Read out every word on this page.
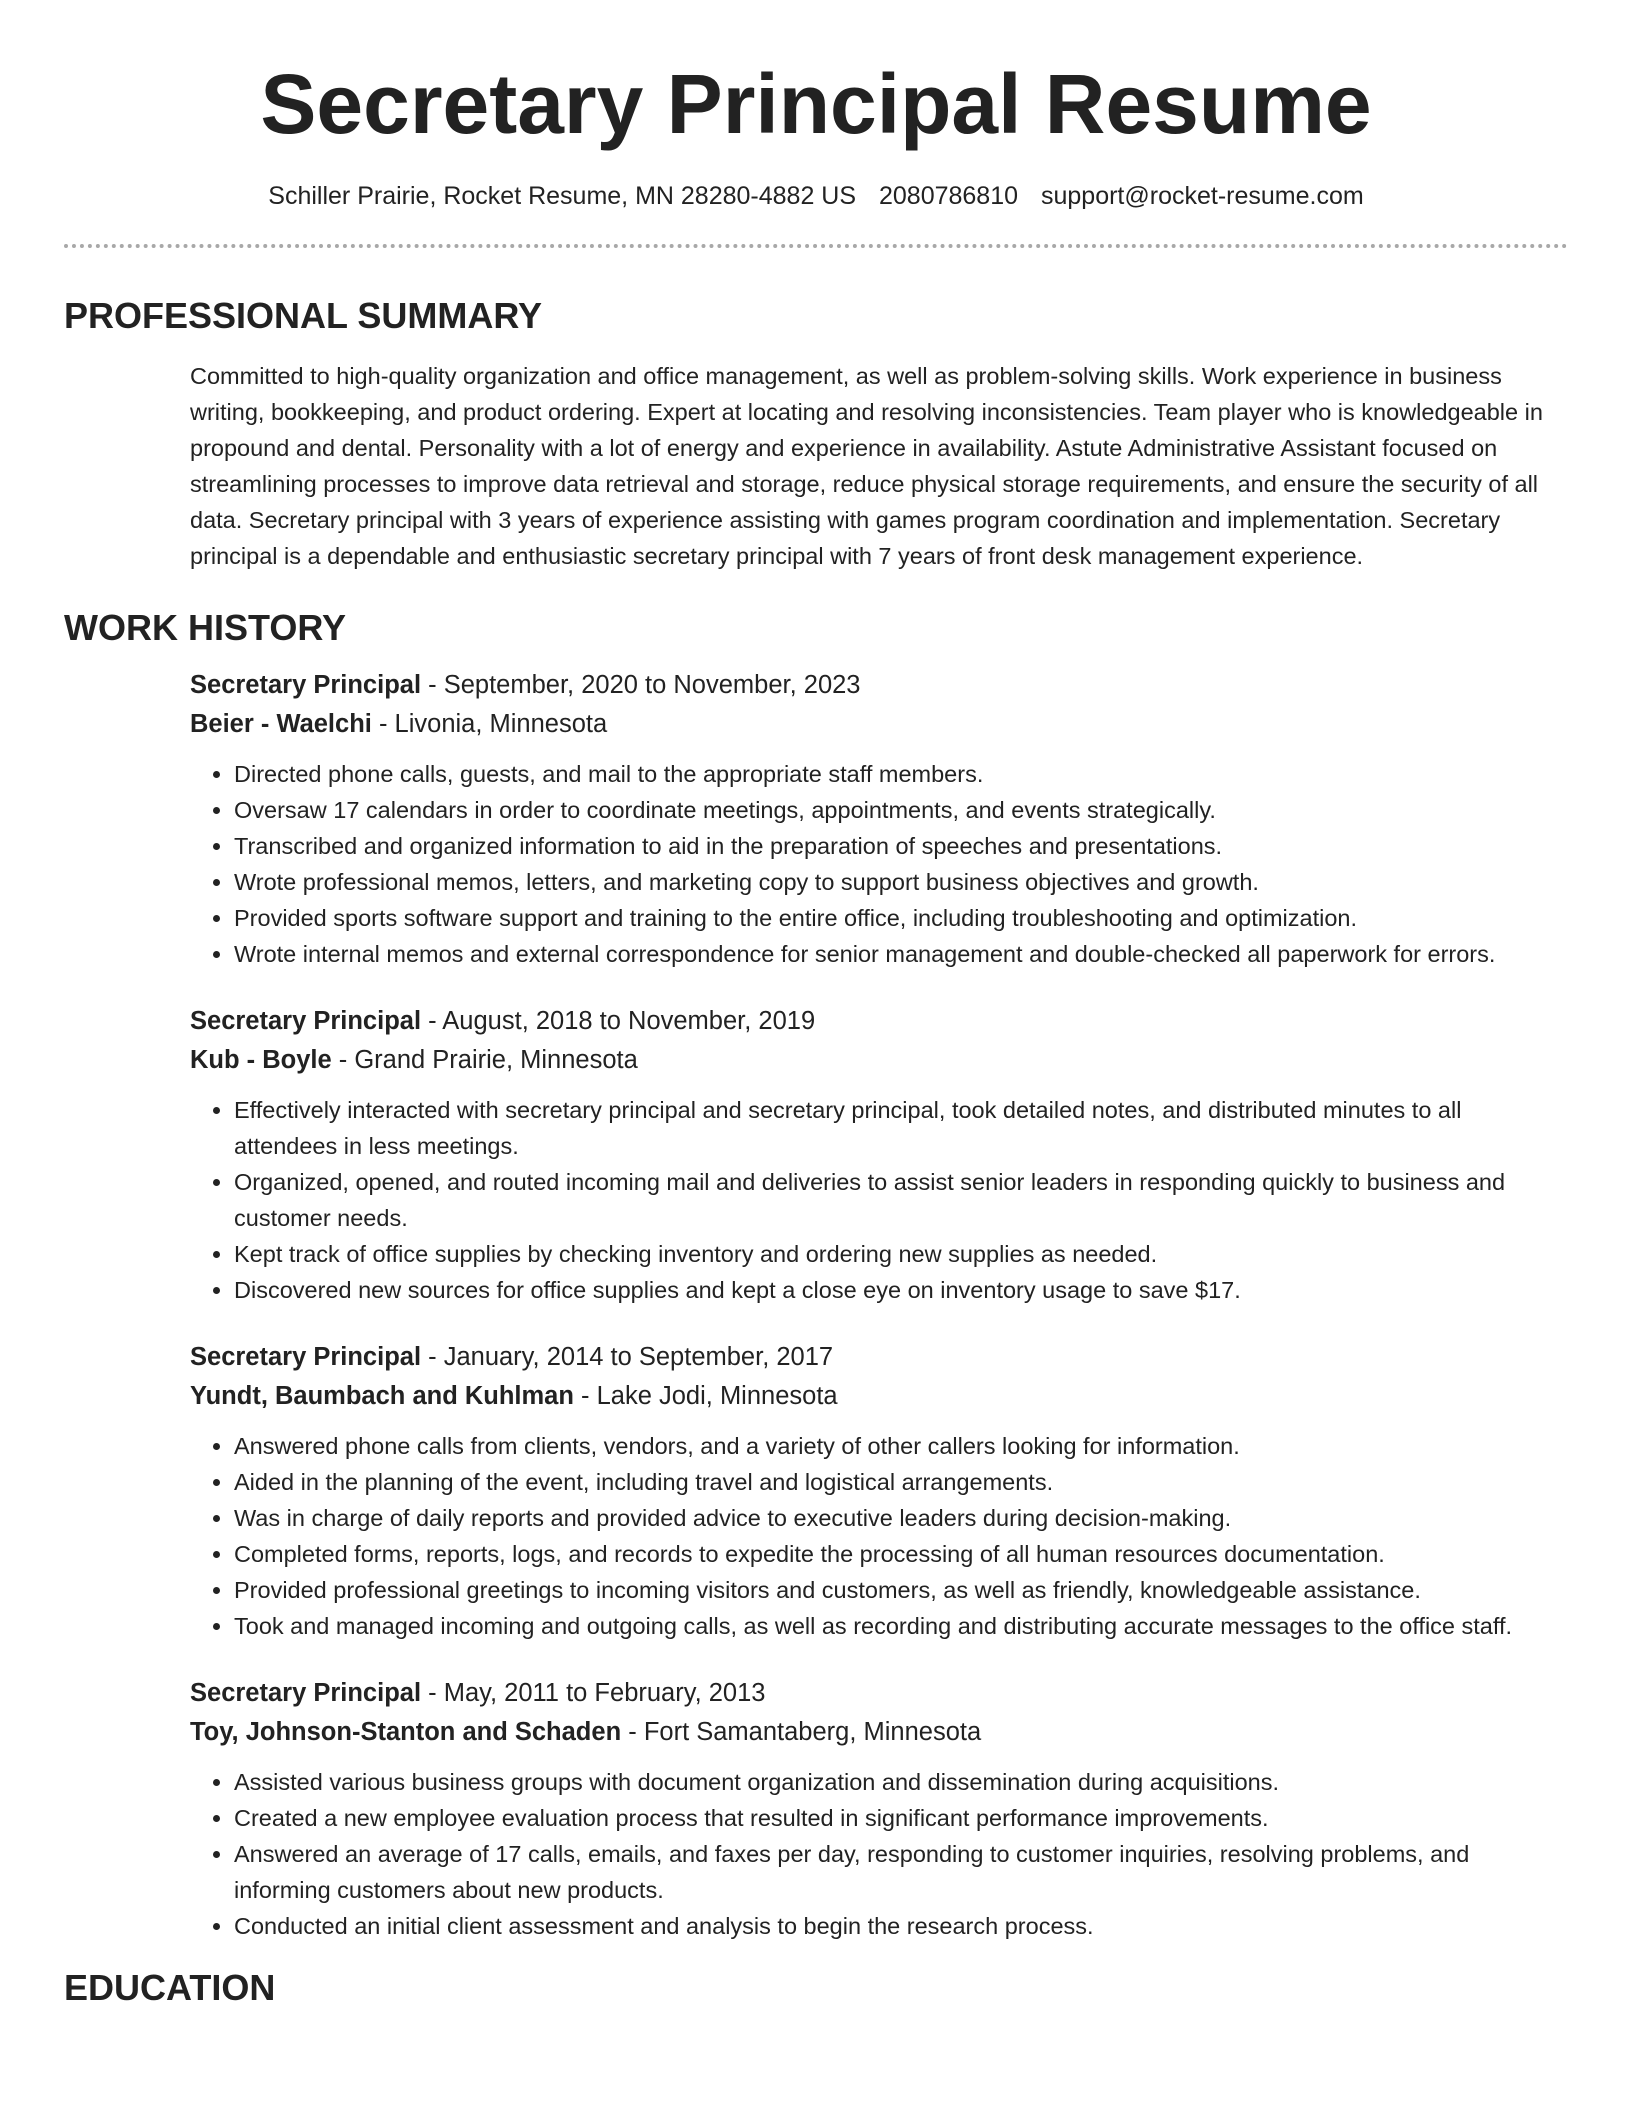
Secretary Principal Resume
Schiller Prairie, Rocket Resume, MN 28280-4882 US 2080786810 support@rocket-resume.com
PROFESSIONAL SUMMARY

Committed to high-quality organization and office management, as well as problem-solving skills. Work experience in business writing, bookkeeping, and product ordering. Expert at locating and resolving inconsistencies. Team player who is knowledgeable in propound and dental. Personality with a lot of energy and experience in availability. Astute Administrative Assistant focused on streamlining processes to improve data retrieval and storage, reduce physical storage requirements, and ensure the security of all data. Secretary principal with 3 years of experience assisting with games program coordination and implementation. Secretary principal is a dependable and enthusiastic secretary principal with 7 years of front desk management experience.

WORK HISTORY
Secretary Principal - September, 2020 to November, 2023
Beier - Waelchi - Livonia, Minnesota
• Directed phone calls, guests, and mail to the appropriate staff members.
• Oversaw 17 calendars in order to coordinate meetings, appointments, and events strategically.
• Transcribed and organized information to aid in the preparation of speeches and presentations.
• Wrote professional memos, letters, and marketing copy to support business objectives and growth.
• Provided sports software support and training to the entire office, including troubleshooting and optimization.
• Wrote internal memos and external correspondence for senior management and double-checked all paperwork for errors.
Secretary Principal - August, 2018 to November, 2019
Kub - Boyle - Grand Prairie, Minnesota
• Effectively interacted with secretary principal and secretary principal, took detailed notes, and distributed minutes to all attendees in less meetings.
• Organized, opened, and routed incoming mail and deliveries to assist senior leaders in responding quickly to business and customer needs.
• Kept track of office supplies by checking inventory and ordering new supplies as needed.
• Discovered new sources for office supplies and kept a close eye on inventory usage to save $17.
Secretary Principal - January, 2014 to September, 2017
Yundt, Baumbach and Kuhlman - Lake Jodi, Minnesota
• Answered phone calls from clients, vendors, and a variety of other callers looking for information.
• Aided in the planning of the event, including travel and logistical arrangements.
• Was in charge of daily reports and provided advice to executive leaders during decision-making.
• Completed forms, reports, logs, and records to expedite the processing of all human resources documentation.
• Provided professional greetings to incoming visitors and customers, as well as friendly, knowledgeable assistance.
• Took and managed incoming and outgoing calls, as well as recording and distributing accurate messages to the office staff.
Secretary Principal - May, 2011 to February, 2013
Toy, Johnson-Stanton and Schaden - Fort Samantaberg, Minnesota
• Assisted various business groups with document organization and dissemination during acquisitions.
• Created a new employee evaluation process that resulted in significant performance improvements.
• Answered an average of 17 calls, emails, and faxes per day, responding to customer inquiries, resolving problems, and informing customers about new products.
• Conducted an initial client assessment and analysis to begin the research process.
EDUCATION
